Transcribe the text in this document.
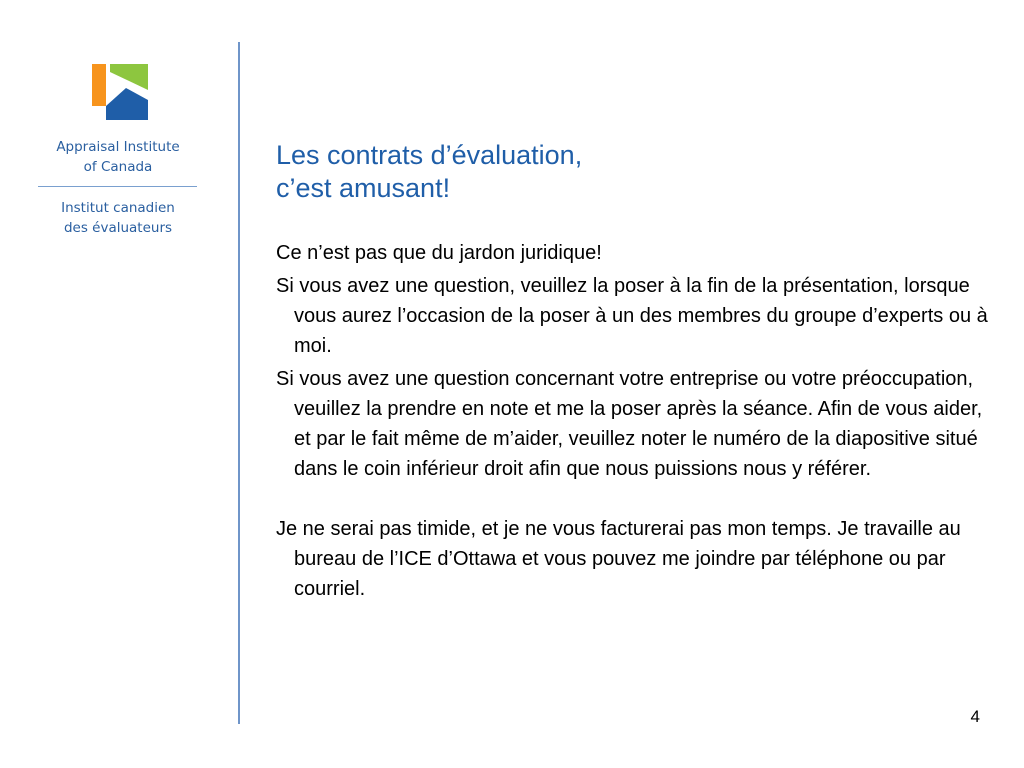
Appraisal Institute
of Canada
Institut canadien
des évaluateurs
Les contrats d’évaluation,
c’est amusant!

Ce n’est pas que du jardon juridique!

Si vous avez une question, veuillez la poser à la fin de la présentation, lorsque vous aurez l’occasion de la poser à un des membres du groupe d’experts ou à moi.

Si vous avez une question concernant votre entreprise ou votre préoccupation, veuillez la prendre en note et me la poser après la séance. Afin de vous aider, et par le fait même de m’aider, veuillez noter le numéro de la diapositive situé dans le coin inférieur droit afin que nous puissions nous y référer.

Je ne serai pas timide, et je ne vous facturerai pas mon temps. Je travaille au bureau de l’ICE d’Ottawa et vous pouvez me joindre par téléphone ou par courriel.

4
